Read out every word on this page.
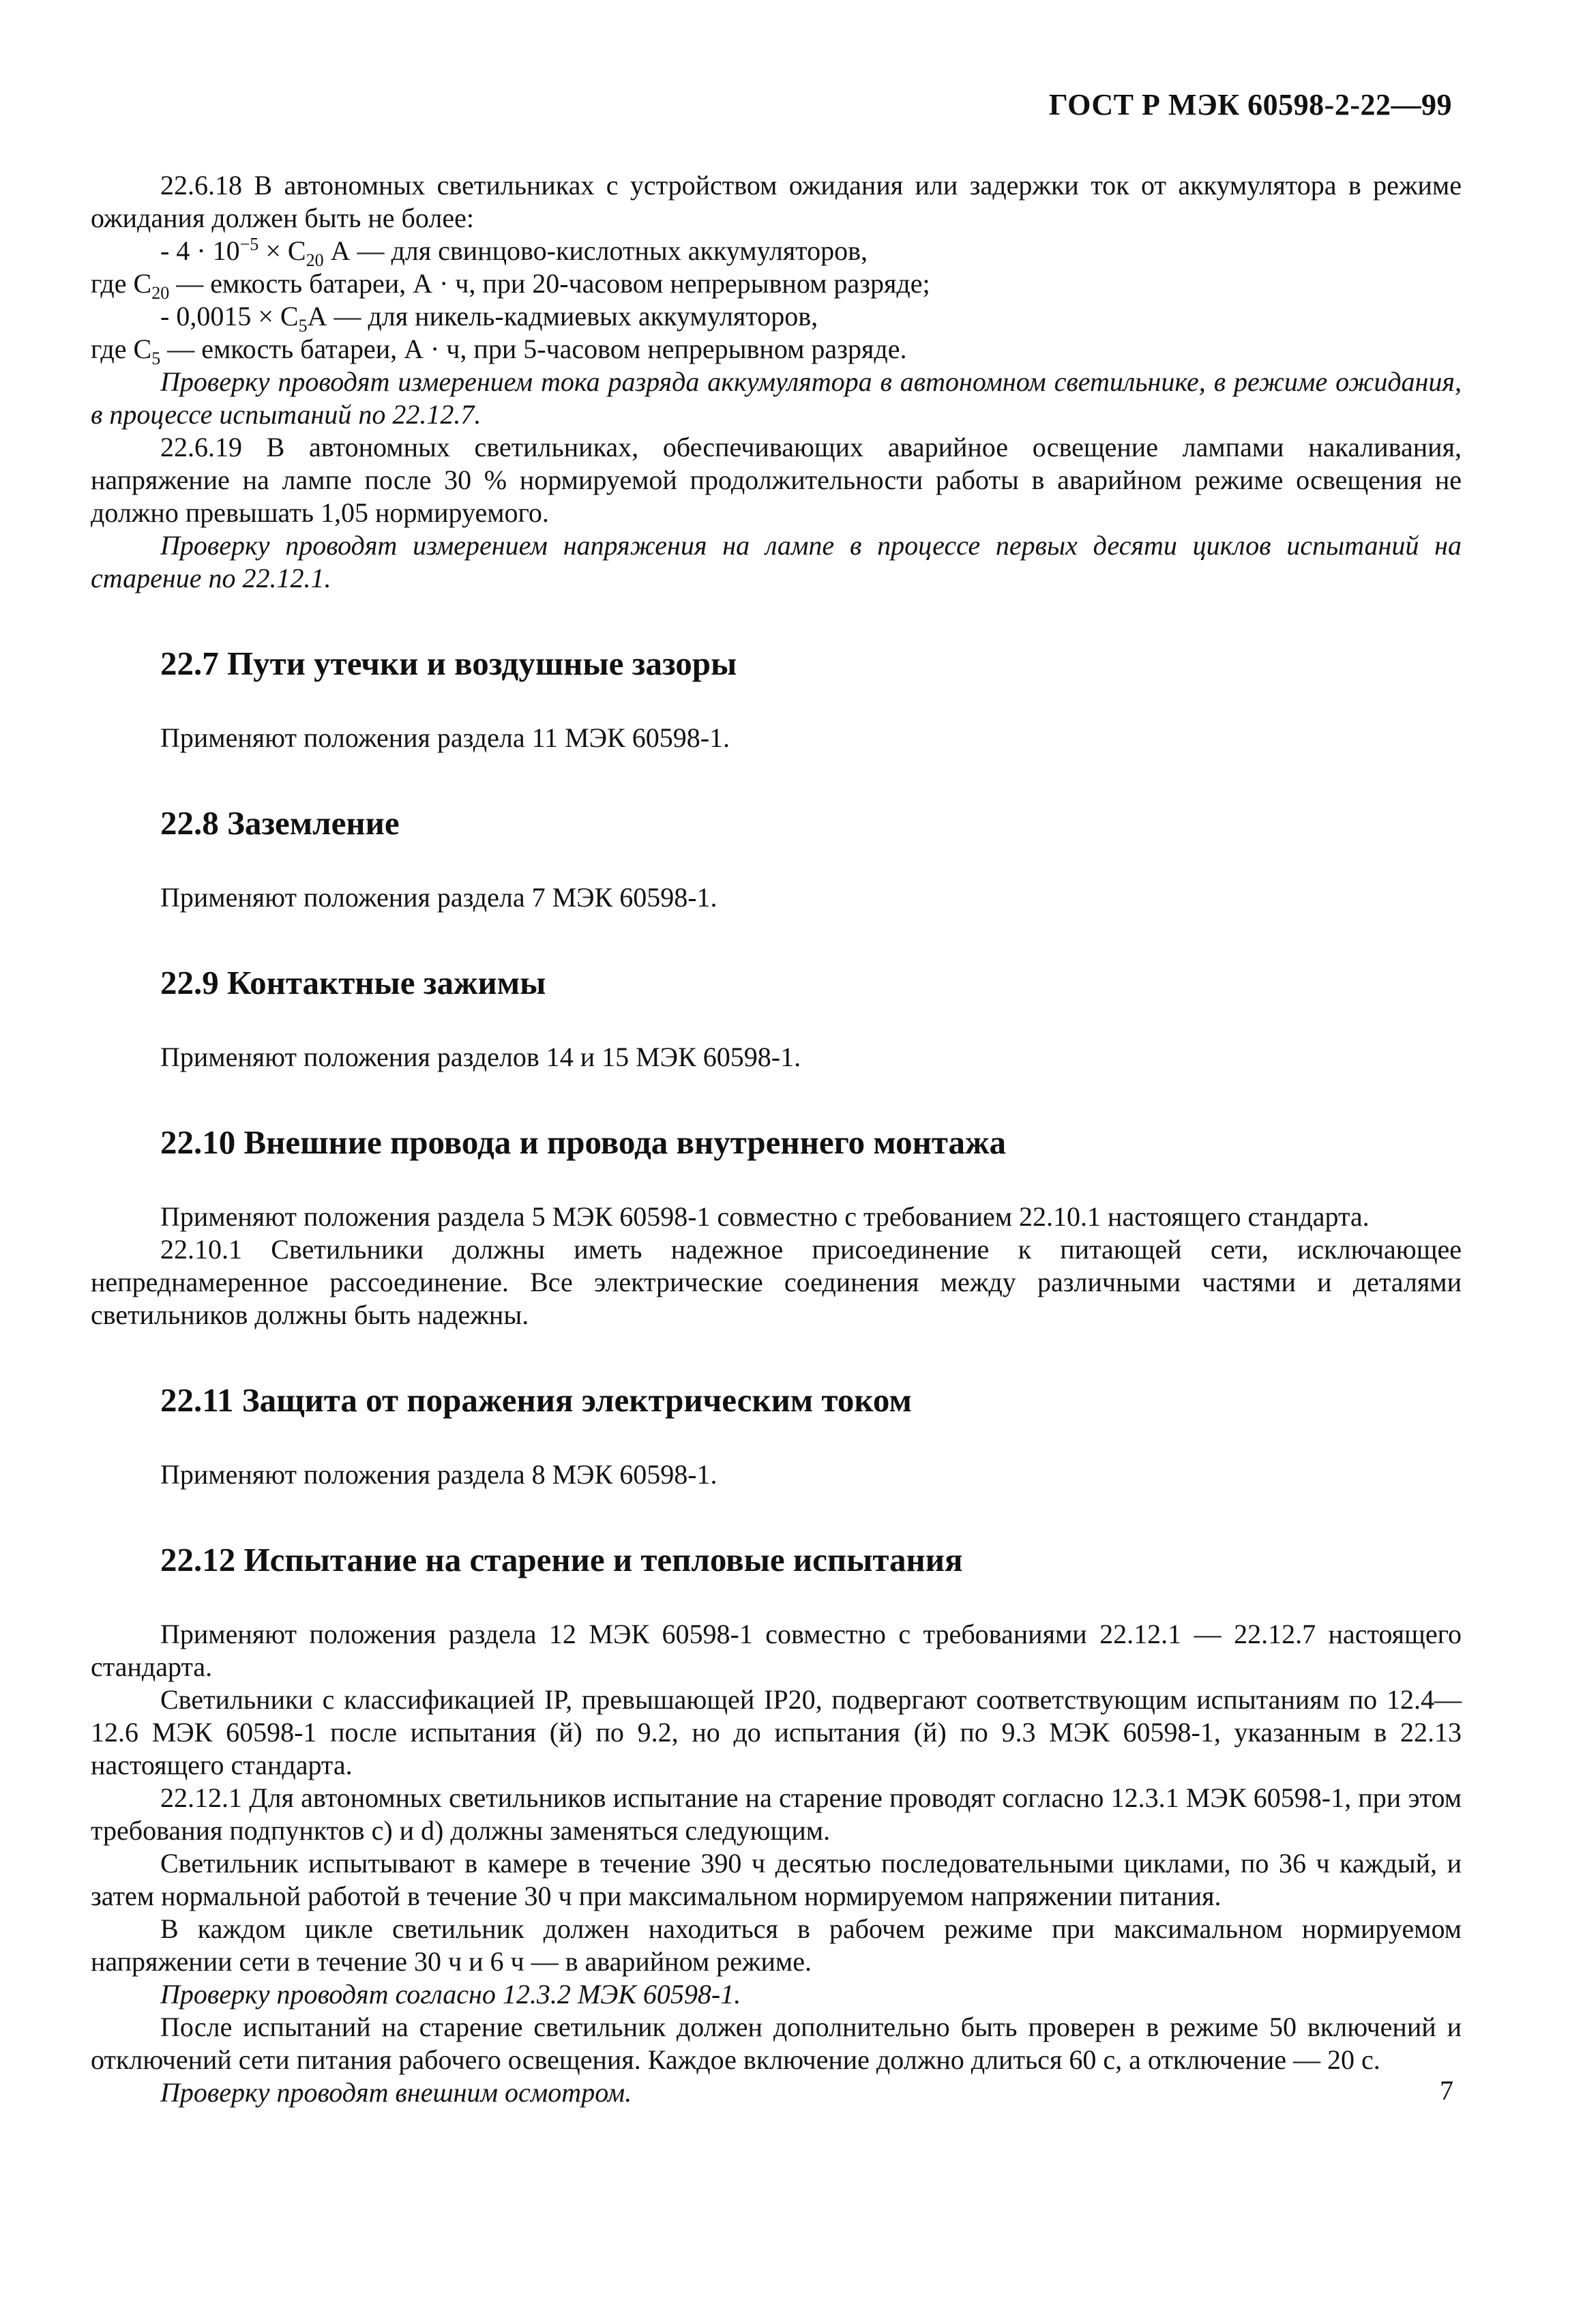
ГОСТ Р МЭК 60598-2-22—99

22.6.18 В автономных светильниках с устройством ожидания или задержки ток от аккумулятора в режиме ожидания должен быть не более:

- $4 \cdot 10^{-5} \times C_{20}$ А — для свинцово-кислотных аккумуляторов,

где $C_{20}$ — емкость батареи, А · ч, при 20-часовом непрерывном разряде;

- $0,0015 \times C_5А$ — для никель-кадмиевых аккумуляторов,

где $C_5$ — емкость батареи, А · ч, при 5-часовом непрерывном разряде.

Проверку проводят измерением тока разряда аккумулятора в автономном светильнике, в режиме ожидания, в процессе испытаний по 22.12.7.

22.6.19 В автономных светильниках, обеспечивающих аварийное освещение лампами накаливания, напряжение на лампе после 30 % нормируемой продолжительности работы в аварийном режиме освещения не должно превышать 1,05 нормируемого.

Проверку проводят измерением напряжения на лампе в процессе первых десяти циклов испытаний на старение по 22.12.1.

22.7 Пути утечки и воздушные зазоры

Применяют положения раздела 11 МЭК 60598-1.

22.8 Заземление

Применяют положения раздела 7 МЭК 60598-1.

22.9 Контактные зажимы

Применяют положения разделов 14 и 15 МЭК 60598-1.

22.10 Внешние провода и провода внутреннего монтажа

Применяют положения раздела 5 МЭК 60598-1 совместно с требованием 22.10.1 настоящего стандарта.

22.10.1 Светильники должны иметь надежное присоединение к питающей сети, исключающее непреднамеренное рассоединение. Все электрические соединения между различными частями и деталями светильников должны быть надежны.

22.11 Защита от поражения электрическим током

Применяют положения раздела 8 МЭК 60598-1.

22.12 Испытание на старение и тепловые испытания

Применяют положения раздела 12 МЭК 60598-1 совместно с требованиями 22.12.1 — 22.12.7 настоящего стандарта.

Светильники с классификацией IP, превышающей IP20, подвергают соответствующим испытаниям по 12.4—12.6 МЭК 60598-1 после испытания (й) по 9.2, но до испытания (й) по 9.3 МЭК 60598-1, указанным в 22.13 настоящего стандарта.

22.12.1 Для автономных светильников испытание на старение проводят согласно 12.3.1 МЭК 60598-1, при этом требования подпунктов с) и d) должны заменяться следующим.

Светильник испытывают в камере в течение 390 ч десятью последовательными циклами, по 36 ч каждый, и затем нормальной работой в течение 30 ч при максимальном нормируемом напряжении питания.

В каждом цикле светильник должен находиться в рабочем режиме при максимальном нормируемом напряжении сети в течение 30 ч и 6 ч — в аварийном режиме.

Проверку проводят согласно 12.3.2 МЭК 60598-1.

После испытаний на старение светильник должен дополнительно быть проверен в режиме 50 включений и отключений сети питания рабочего освещения. Каждое включение должно длиться 60 с, а отключение — 20 с.

Проверку проводят внешним осмотром.	7
